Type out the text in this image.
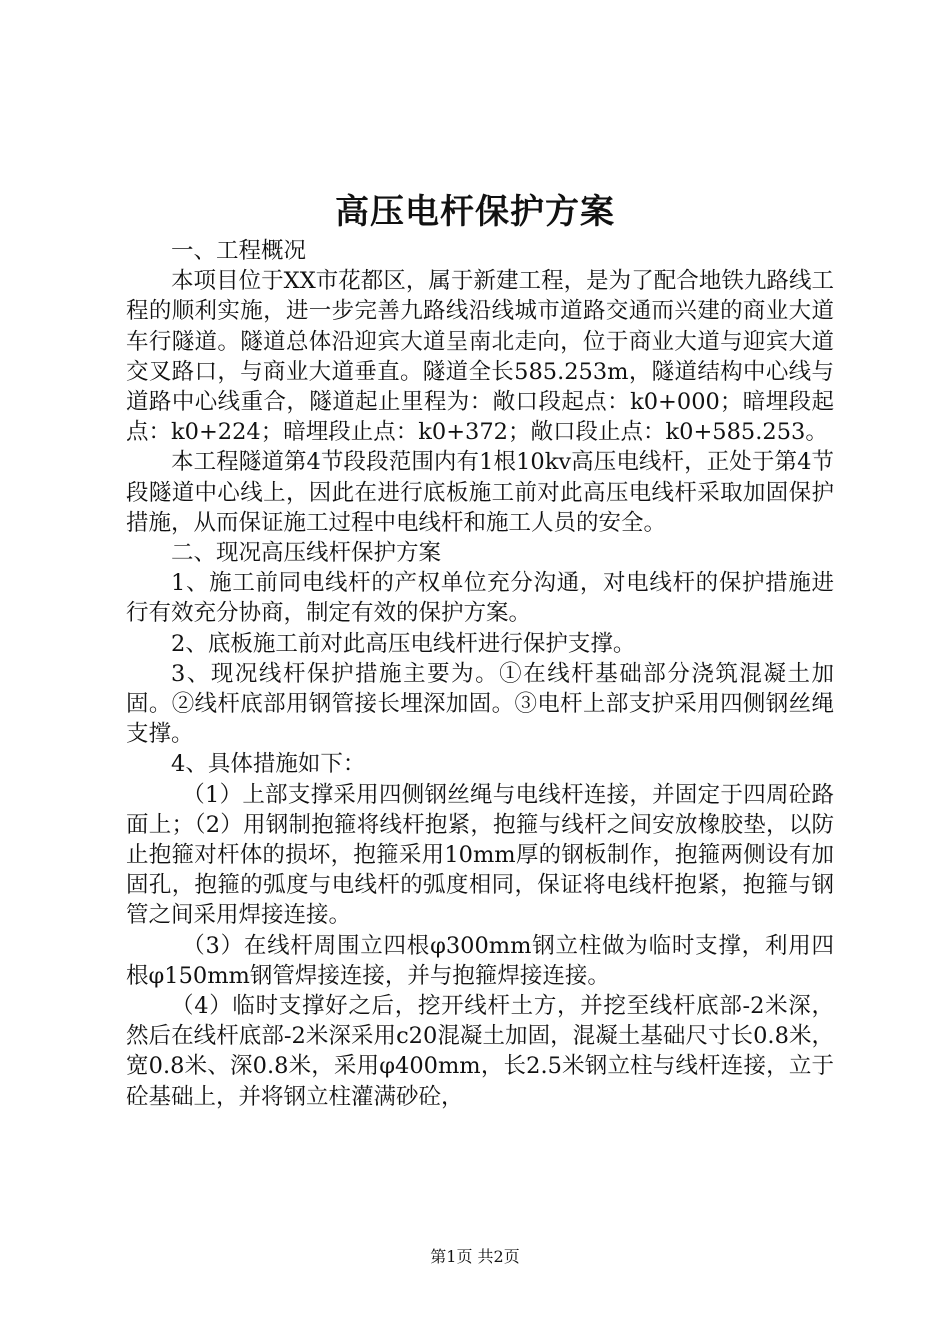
高压电杆保护方案

一、工程概况

本项目位于XX市花都区，属于新建工程，是为了配合地铁九路线工程的顺利实施，进一步完善九路线沿线城市道路交通而兴建的商业大道车行隧道。隧道总体沿迎宾大道呈南北走向，位于商业大道与迎宾大道交叉路口，与商业大道垂直。隧道全长585.253m，隧道结构中心线与道路中心线重合，隧道起止里程为：敞口段起点：k0+000；暗埋段起点：k0+224；暗埋段止点：k0+372；敞口段止点：k0+585.253。

本工程隧道第4节段段范围内有1根10kv高压电线杆，正处于第4节段隧道中心线上，因此在进行底板施工前对此高压电线杆采取加固保护措施，从而保证施工过程中电线杆和施工人员的安全。

二、现况高压线杆保护方案

1、施工前同电线杆的产权单位充分沟通，对电线杆的保护措施进行有效充分协商，制定有效的保护方案。

2、底板施工前对此高压电线杆进行保护支撑。

3、现况线杆保护措施主要为。①在线杆基础部分浇筑混凝土加固。②线杆底部用钢管接长埋深加固。③电杆上部支护采用四侧钢丝绳支撑。

4、具体措施如下：

（1）上部支撑采用四侧钢丝绳与电线杆连接，并固定于四周砼路面上；（2）用钢制抱箍将线杆抱紧，抱箍与线杆之间安放橡胶垫，以防止抱箍对杆体的损坏，抱箍采用10mm厚的钢板制作，抱箍两侧设有加固孔，抱箍的弧度与电线杆的弧度相同，保证将电线杆抱紧，抱箍与钢管之间采用焊接连接。

（3）在线杆周围立四根φ300mm钢立柱做为临时支撑，利用四根φ150mm钢管焊接连接，并与抱箍焊接连接。

（4）临时支撑好之后，挖开线杆土方，并挖至线杆底部-2米深，然后在线杆底部-2米深采用c20混凝土加固，混凝土基础尺寸长0.8米，宽0.8米、深0.8米，采用φ400mm，长2.5米钢立柱与线杆连接，立于砼基础上，并将钢立柱灌满砂砼，

第1页 共2页
